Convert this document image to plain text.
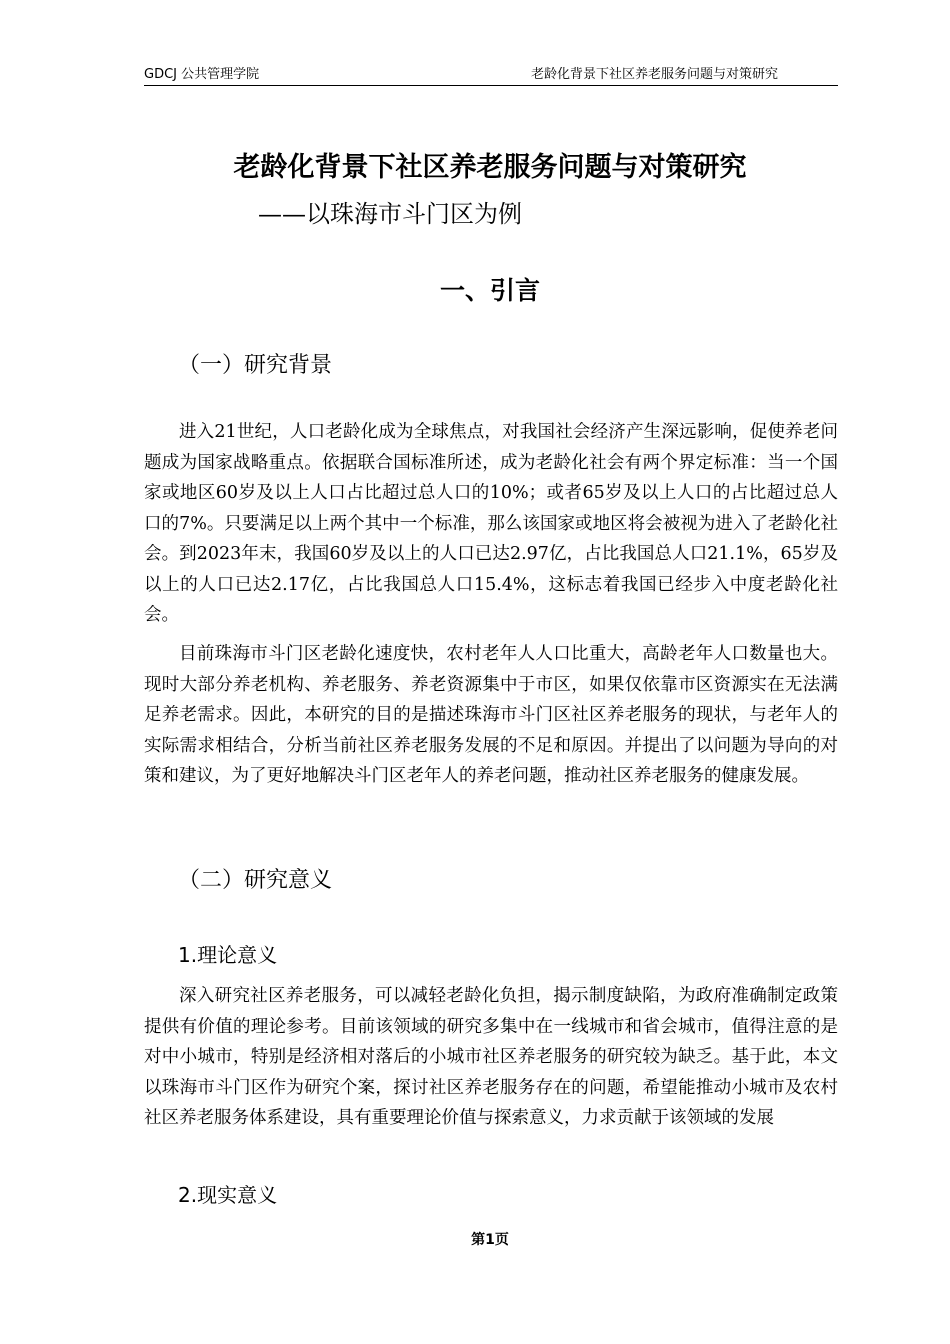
GDCJ 公共管理学院	老龄化背景下社区养老服务问题与对策研究
老龄化背景下社区养老服务问题与对策研究
——以珠海市斗门区为例
一、引言
（一）研究背景

进入21世纪，人口老龄化成为全球焦点，对我国社会经济产生深远影响，促使养老问题成为国家战略重点。依据联合国标准所述，成为老龄化社会有两个界定标准：当一个国家或地区60岁及以上人口占比超过总人口的10%；或者65岁及以上人口的占比超过总人口的7%。只要满足以上两个其中一个标准，那么该国家或地区将会被视为进入了老龄化社会。到2023年末，我国60岁及以上的人口已达2.97亿，占比我国总人口21.1%，65岁及以上的人口已达2.17亿，占比我国总人口15.4%，这标志着我国已经步入中度老龄化社会。

目前珠海市斗门区老龄化速度快，农村老年人人口比重大，高龄老年人口数量也大。现时大部分养老机构、养老服务、养老资源集中于市区，如果仅依靠市区资源实在无法满足养老需求。因此，本研究的目的是描述珠海市斗门区社区养老服务的现状，与老年人的实际需求相结合，分析当前社区养老服务发展的不足和原因。并提出了以问题为导向的对策和建议，为了更好地解决斗门区老年人的养老问题，推动社区养老服务的健康发展。

（二）研究意义
1.理论意义

深入研究社区养老服务，可以减轻老龄化负担，揭示制度缺陷，为政府准确制定政策提供有价值的理论参考。目前该领域的研究多集中在一线城市和省会城市，值得注意的是对中小城市，特别是经济相对落后的小城市社区养老服务的研究较为缺乏。基于此，本文以珠海市斗门区作为研究个案，探讨社区养老服务存在的问题，希望能推动小城市及农村社区养老服务体系建设，具有重要理论价值与探索意义，力求贡献于该领域的发展

2.现实意义
第1页
